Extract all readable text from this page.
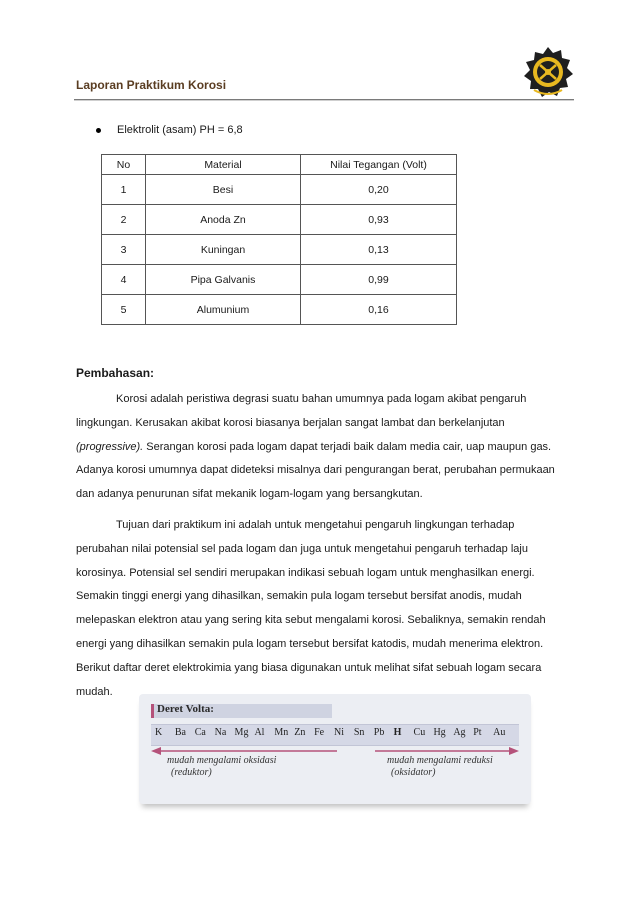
Laporan Praktikum Korosi
Elektrolit (asam) PH = 6,8
No	Material	Nilai Tegangan (Volt)
1	Besi	0,20
2	Anoda Zn	0,93
3	Kuningan	0,13
4	Pipa Galvanis	0,99
5	Alumunium	0,16
Pembahasan:
Korosi adalah peristiwa degrasi suatu bahan umumnya pada logam akibat pengaruh
lingkungan. Kerusakan akibat korosi biasanya berjalan sangat lambat dan berkelanjutan
(progressive). Serangan korosi pada logam dapat terjadi baik dalam media cair, uap maupun gas.
Adanya korosi umumnya dapat dideteksi misalnya dari pengurangan berat, perubahan permukaan
dan adanya penurunan sifat mekanik logam-logam yang bersangkutan.
Tujuan dari praktikum ini adalah untuk mengetahui pengaruh lingkungan terhadap
perubahan nilai potensial sel pada logam dan juga untuk mengetahui pengaruh terhadap laju
korosinya. Potensial sel sendiri merupakan indikasi sebuah logam untuk menghasilkan energi.
Semakin tinggi energi yang dihasilkan, semakin pula logam tersebut bersifat anodis, mudah
melepaskan elektron atau yang sering kita sebut mengalami korosi. Sebaliknya, semakin rendah
energi yang dihasilkan semakin pula logam tersebut bersifat katodis, mudah menerima elektron.
Berikut daftar deret elektrokimia yang biasa digunakan untuk melihat sifat sebuah logam secara
mudah.
Deret Volta:
K Ba Ca Na Mg Al Mn Zn Fe Ni Sn Pb H Cu Hg Ag Pt Au
mudah mengalami oksidasi
(reduktor)
mudah mengalami reduksi
(oksidator)
